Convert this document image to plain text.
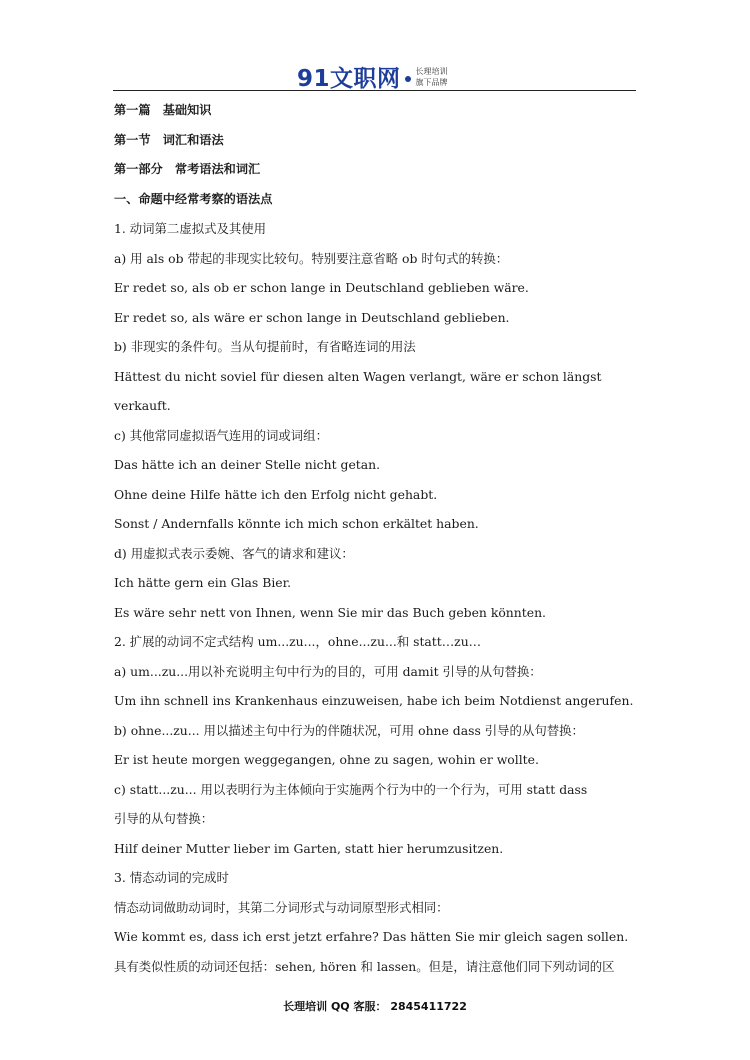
91文职网 长理培训
旗下品牌
第一篇　基础知识
第一节　词汇和语法
第一部分　常考语法和词汇
一、命题中经常考察的语法点
1. 动词第二虚拟式及其使用
a) 用 als ob 带起的非现实比较句。特别要注意省略 ob 时句式的转换：
Er redet so, als ob er schon lange in Deutschland geblieben wäre.
Er redet so, als wäre er schon lange in Deutschland geblieben.
b) 非现实的条件句。当从句提前时，有省略连词的用法
Hättest du nicht soviel für diesen alten Wagen verlangt, wäre er schon längst
verkauft.
c) 其他常同虚拟语气连用的词或词组：
Das hätte ich an deiner Stelle nicht getan.
Ohne deine Hilfe hätte ich den Erfolg nicht gehabt.
Sonst / Andernfalls könnte ich mich schon erkältet haben.
d) 用虚拟式表示委婉、客气的请求和建议：
Ich hätte gern ein Glas Bier.
Es wäre sehr nett von Ihnen, wenn Sie mir das Buch geben könnten.
2. 扩展的动词不定式结构 um...zu...，ohne...zu...和 statt…zu…
a) um...zu...用以补充说明主句中行为的目的，可用 damit 引导的从句替换：
Um ihn schnell ins Krankenhaus einzuweisen, habe ich beim Notdienst angerufen.
b) ohne...zu... 用以描述主句中行为的伴随状况，可用 ohne dass 引导的从句替换：
Er ist heute morgen weggegangen, ohne zu sagen, wohin er wollte.
c) statt...zu... 用以表明行为主体倾向于实施两个行为中的一个行为，可用 statt dass
引导的从句替换：
Hilf deiner Mutter lieber im Garten, statt hier herumzusitzen.
3. 情态动词的完成时
情态动词做助动词时，其第二分词形式与动词原型形式相同：
Wie kommt es, dass ich erst jetzt erfahre? Das hätten Sie mir gleich sagen sollen.
具有类似性质的动词还包括：sehen, hören 和 lassen。但是，请注意他们同下列动词的区
长理培训 QQ 客服： 2845411722
